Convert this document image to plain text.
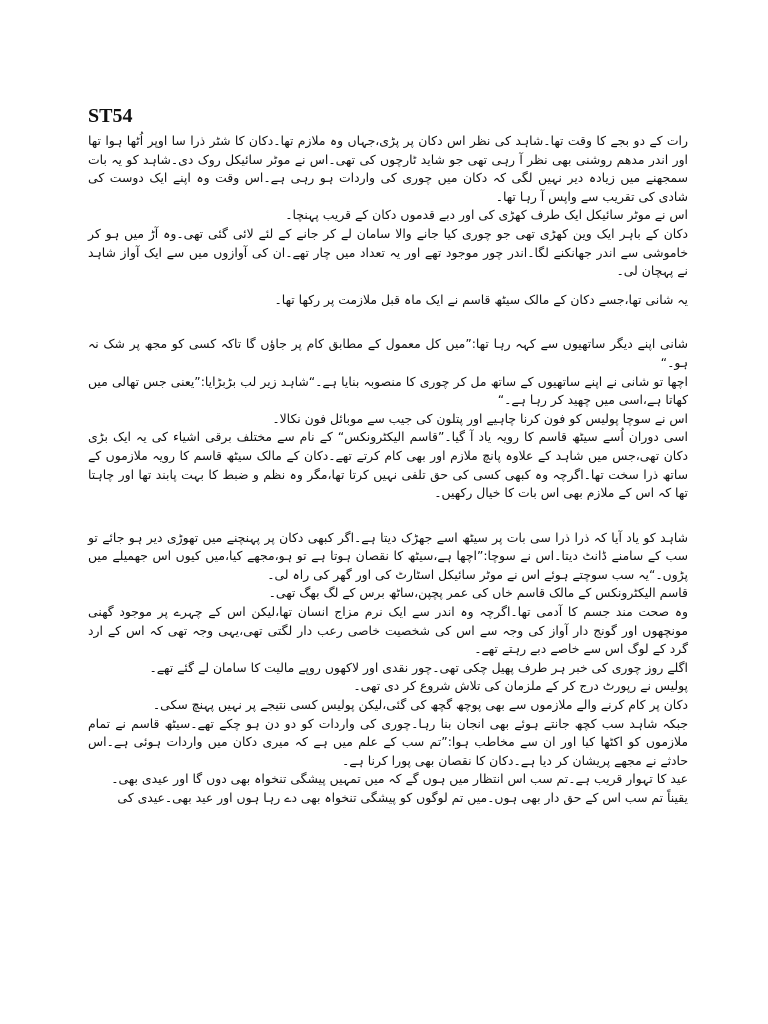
ST54

رات کے دو بجے کا وقت تھا۔شاہد کی نظر اس دکان پر پڑی،جہاں وہ ملازم تھا۔دکان کا شٹر ذرا سا اوپر اُٹھا ہوا تھا اور اندر مدھم روشنی بھی نظر آ رہی تھی جو شاید ٹارچوں کی تھی۔اس نے موٹر سائیکل روک دی۔شاہد کو یہ بات سمجھنے میں زیادہ دیر نہیں لگی کہ دکان میں چوری کی واردات ہو رہی ہے۔اس وقت وہ اپنے ایک دوست کی شادی کی تقریب سے واپس آ رہا تھا۔

اس نے موٹر سائیکل ایک طرف کھڑی کی اور دبے قدموں دکان کے قریب پہنچا۔

دکان کے باہر ایک وین کھڑی تھی جو چوری کیا جانے والا سامان لے کر جانے کے لئے لائی گئی تھی۔وہ آڑ میں ہو کر خاموشی سے اندر جھانکنے لگا۔اندر چور موجود تھے اور یہ تعداد میں چار تھے۔ان کی آوازوں میں سے ایک آواز شاہد نے پہچان لی۔

یہ شانی تھا،جسے دکان کے مالک سیٹھ قاسم نے ایک ماہ قبل ملازمت پر رکھا تھا۔

شانی اپنے دیگر ساتھیوں سے کہہ رہا تھا:”میں کل معمول کے مطابق کام پر جاؤں گا تاکہ کسی کو مجھ پر شک نہ ہو۔“

اچھا تو شانی نے اپنے ساتھیوں کے ساتھ مل کر چوری کا منصوبہ بنایا ہے۔“شاہد زیر لب بڑبڑایا:”یعنی جس تھالی میں کھاتا ہے،اسی میں چھید کر رہا ہے۔“

اس نے سوچا پولیس کو فون کرنا چاہیے اور پتلون کی جیب سے موبائل فون نکالا۔

اسی دوران اُسے سیٹھ قاسم کا رویہ یاد آ گیا۔”قاسم الیکٹرونکس“ کے نام سے مختلف برقی اشیاء کی یہ ایک بڑی دکان تھی،جس میں شاہد کے علاوہ پانچ ملازم اور بھی کام کرتے تھے۔دکان کے مالک سیٹھ قاسم کا رویہ ملازموں کے ساتھ ذرا سخت تھا۔اگرچہ وہ کبھی کسی کی حق تلفی نہیں کرتا تھا،مگر وہ نظم و ضبط کا بہت پابند تھا اور چاہتا تھا کہ اس کے ملازم بھی اس بات کا خیال رکھیں۔

شاہد کو یاد آیا کہ ذرا ذرا سی بات پر سیٹھ اسے جھڑک دیتا ہے۔اگر کبھی دکان پر پہنچنے میں تھوڑی دیر ہو جائے تو سب کے سامنے ڈانٹ دیتا۔اس نے سوچا:”اچھا ہے،سیٹھ کا نقصان ہوتا ہے تو ہو،مجھے کیا،میں کیوں اس جھمیلے میں پڑوں۔“یہ سب سوچتے ہوئے اس نے موٹر سائیکل اسٹارٹ کی اور گھر کی راہ لی۔

قاسم الیکٹرونکس کے مالک قاسم خاں کی عمر پچپن،ساٹھ برس کے لگ بھگ تھی۔

وہ صحت مند جسم کا آدمی تھا۔اگرچہ وہ اندر سے ایک نرم مزاج انسان تھا،لیکن اس کے چہرے پر موجود گھنی مونچھوں اور گونج دار آواز کی وجہ سے اس کی شخصیت خاصی رعب دار لگتی تھی،یہی وجہ تھی کہ اس کے ارد گرد کے لوگ اس سے خاصے دبے رہتے تھے۔

اگلے روز چوری کی خبر ہر طرف پھیل چکی تھی۔چور نقدی اور لاکھوں روپے مالیت کا سامان لے گئے تھے۔

پولیس نے رپورٹ درج کر کے ملزمان کی تلاش شروع کر دی تھی۔

دکان پر کام کرنے والے ملازموں سے بھی پوچھ گچھ کی گئی،لیکن پولیس کسی نتیجے پر نہیں پہنچ سکی۔

جبکہ شاہد سب کچھ جانتے ہوئے بھی انجان بنا رہا۔چوری کی واردات کو دو دن ہو چکے تھے۔سیٹھ قاسم نے تمام ملازموں کو اکٹھا کیا اور ان سے مخاطب ہوا:”تم سب کے علم میں ہے کہ میری دکان میں واردات ہوئی ہے۔اس حادثے نے مجھے پریشان کر دیا ہے۔دکان کا نقصان بھی پورا کرنا ہے۔

عید کا تہوار قریب ہے۔تم سب اس انتظار میں ہوں گے کہ میں تمہیں پیشگی تنخواہ بھی دوں گا اور عیدی بھی۔

یقیناً تم سب اس کے حق دار بھی ہوں۔میں تم لوگوں کو پیشگی تنخواہ بھی دے رہا ہوں اور عید بھی۔عیدی کی
